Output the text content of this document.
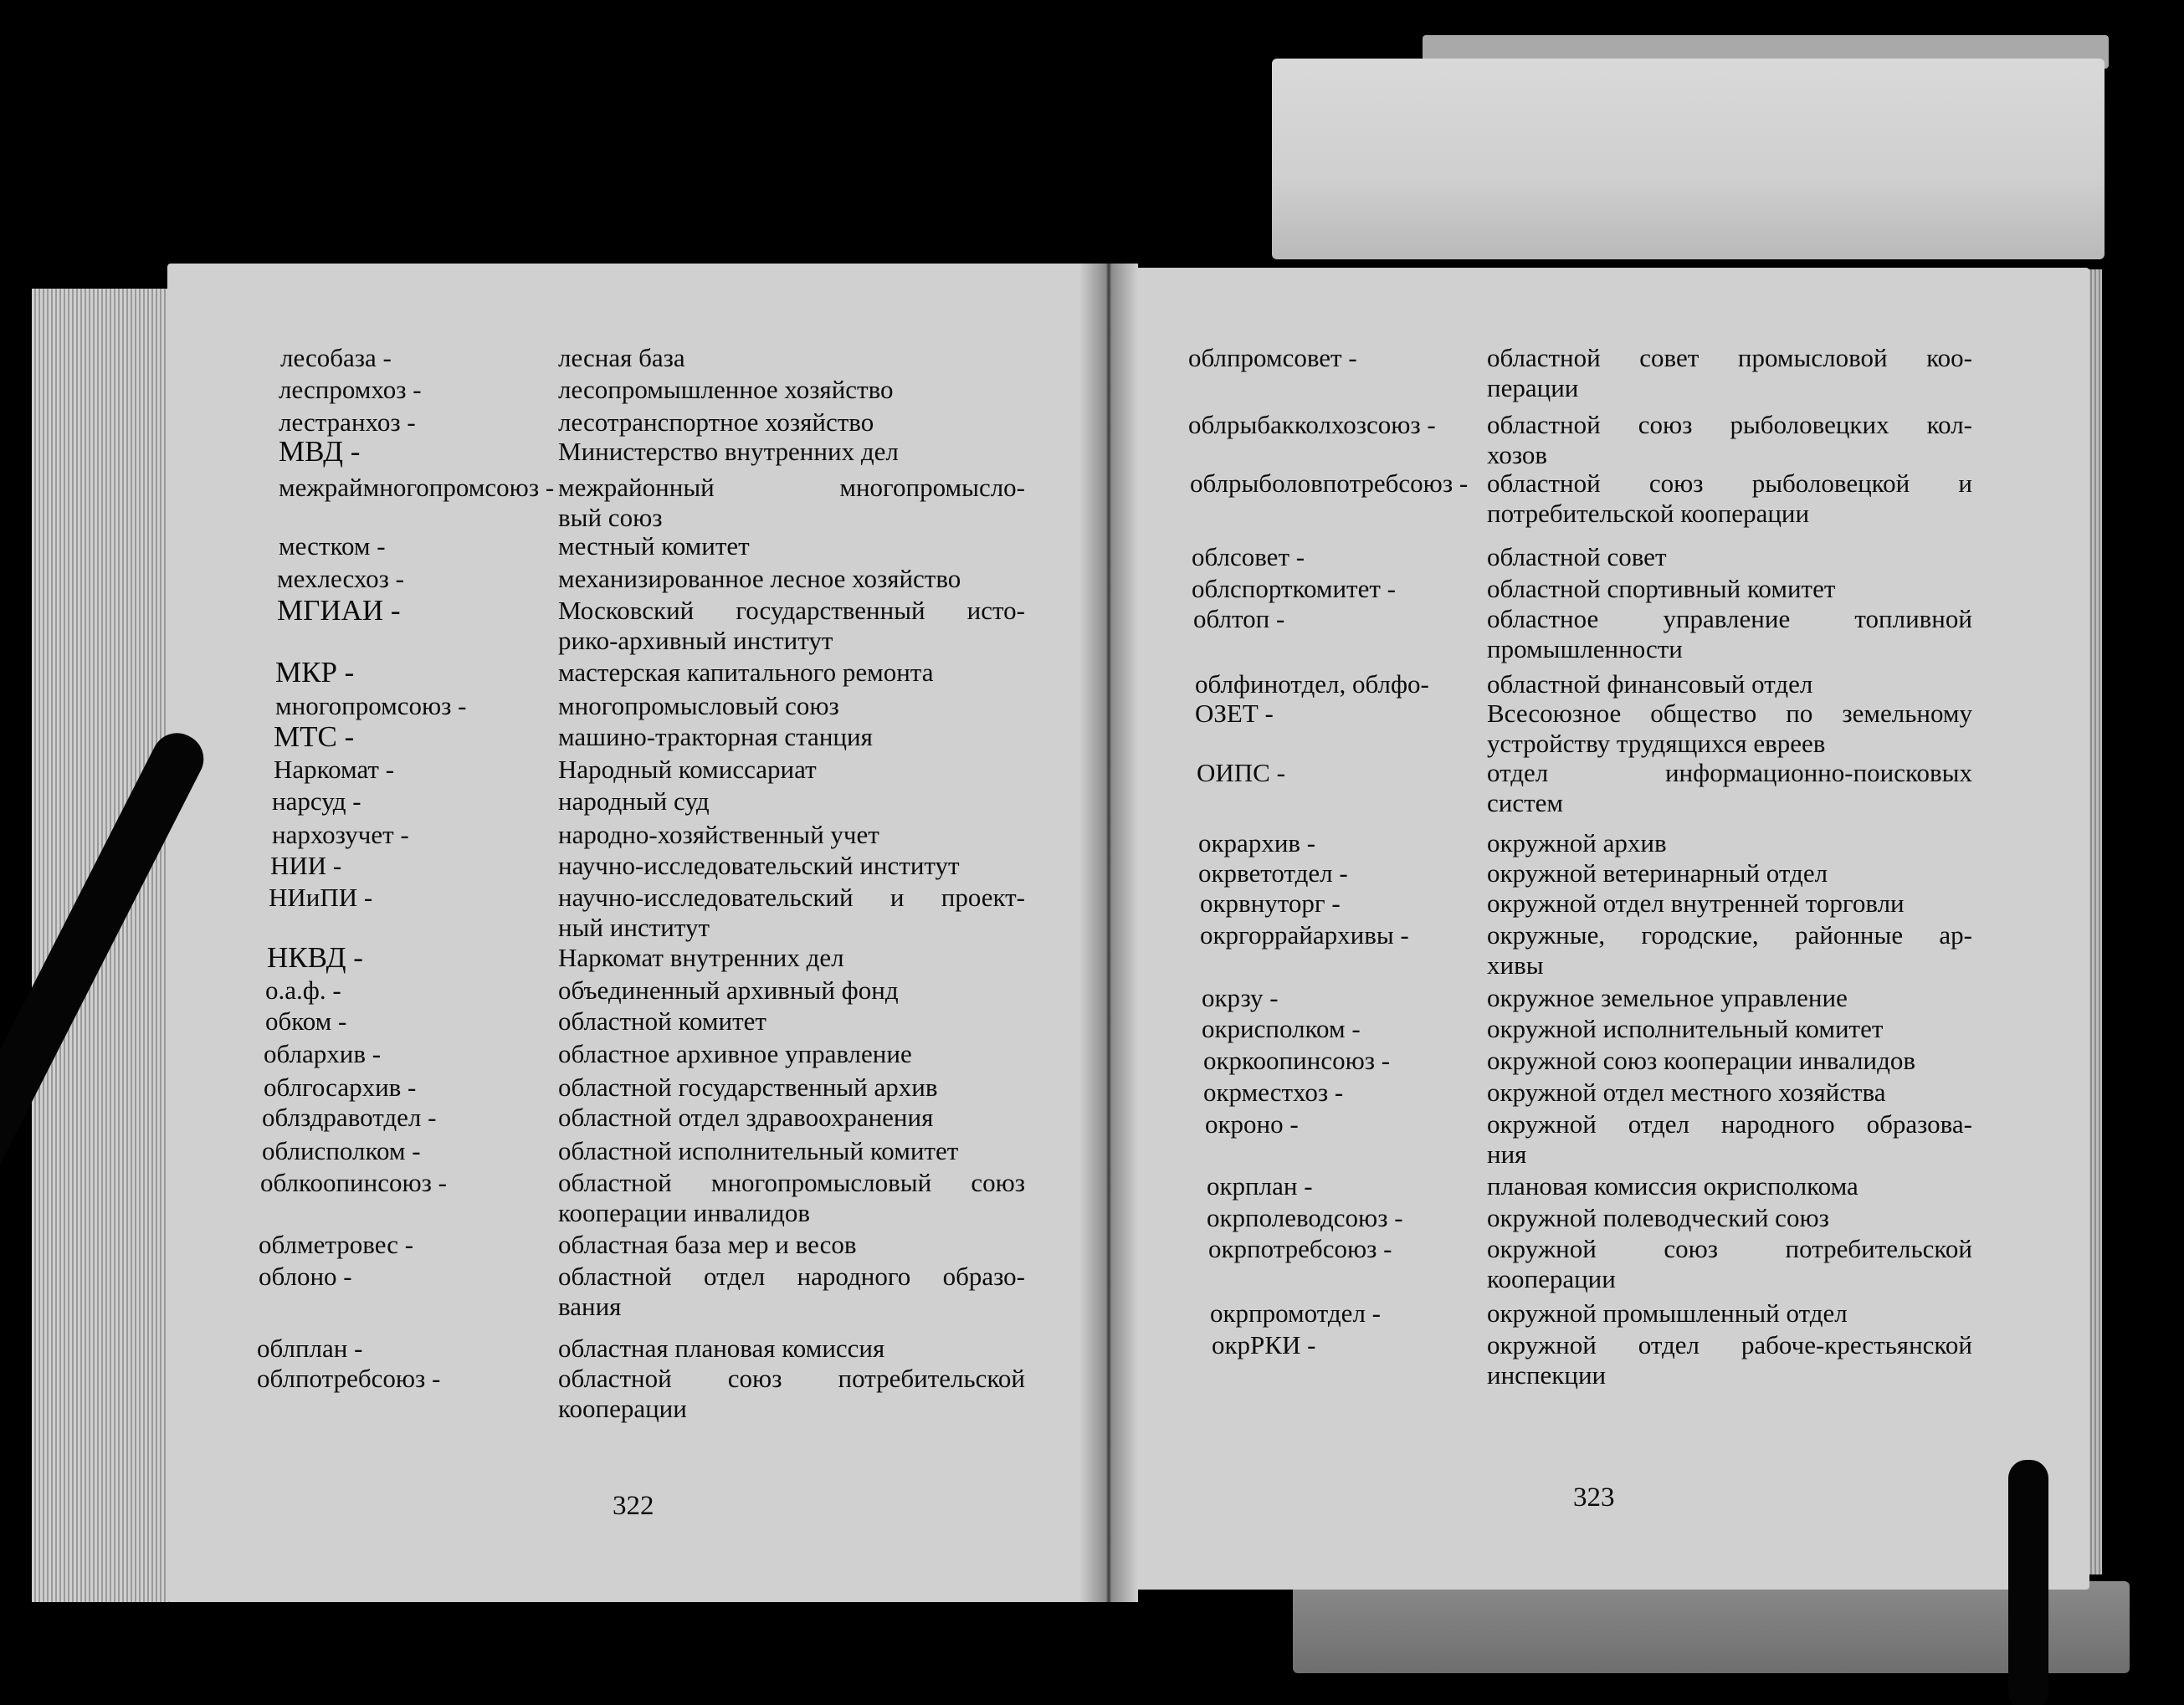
лесобаза -	лесная база
леспромхоз -	лесопромышленное хозяйство
лестранхоз -	лесотранспортное хозяйство
МВД -	Министерство внутренних дел
межраймногопромсоюз - межрайонный многопромысло-
вый союз
местком -	местный комитет
мехлесхоз -	механизированное лесное хозяйство
МГИАИ -	Московский государственный исто-
рико-архивный институт
МКР -	мастерская капитального ремонта
многопромсоюз -	многопромысловый союз
МТС -	машино-тракторная станция
Наркомат -	Народный комиссариат
нарсуд -	народный суд
нархозучет -	народно-хозяйственный учет
НИИ -	научно-исследовательский институт
НИиПИ -	научно-исследовательский и проект-
ный институт
НКВД -	Наркомат внутренних дел
о.а.ф. -	объединенный архивный фонд
обком -	областной комитет
облархив -	областное архивное управление
облгосархив -	областной государственный архив
облздравотдел -	областной отдел здравоохранения
облисполком -	областной исполнительный комитет
облкоопинсоюз -	областной многопромысловый союз
кооперации инвалидов
облметровес -	областная база мер и весов
облоно -	областной отдел народного образо-
вания
облплан -	областная плановая комиссия
облпотребсоюз -	областной союз потребительской
кооперации
облпромсовет -	областной совет промысловой коо-
перации
облрыбакколхозсоюз - областной союз рыболовецких кол-
хозов
облрыболовпотребсоюз - областной союз рыболовецкой и
потребительской кооперации
облсовет -	областной совет
облспорткомитет -	областной спортивный комитет
облтоп -	областное управление топливной
промышленности
облфинотдел, облфо- областной финансовый отдел
ОЗЕТ -	Всесоюзное общество по земельному
устройству трудящихся евреев
ОИПС -	отдел информационно-поисковых
систем
окрархив -	окружной архив
окрветотдел -	окружной ветеринарный отдел
окрвнуторг -	окружной отдел внутренней торговли
окргоррайархивы -	окружные, городские, районные ар-
хивы
окрзу -	окружное земельное управление
окрисполком -	окружной исполнительный комитет
окркоопинсоюз -	окружной союз кооперации инвалидов
окрместхоз -	окружной отдел местного хозяйства
окроно -	окружной отдел народного образова-
ния
окрплан -	плановая комиссия окрисполкома
окрполеводсоюз -	окружной полеводческий союз
окрпотребсоюз -	окружной союз потребительской
кооперации
окрпромотдел -	окружной промышленный отдел
окрРКИ -	окружной отдел рабоче-крестьянской
инспекции
322	323
